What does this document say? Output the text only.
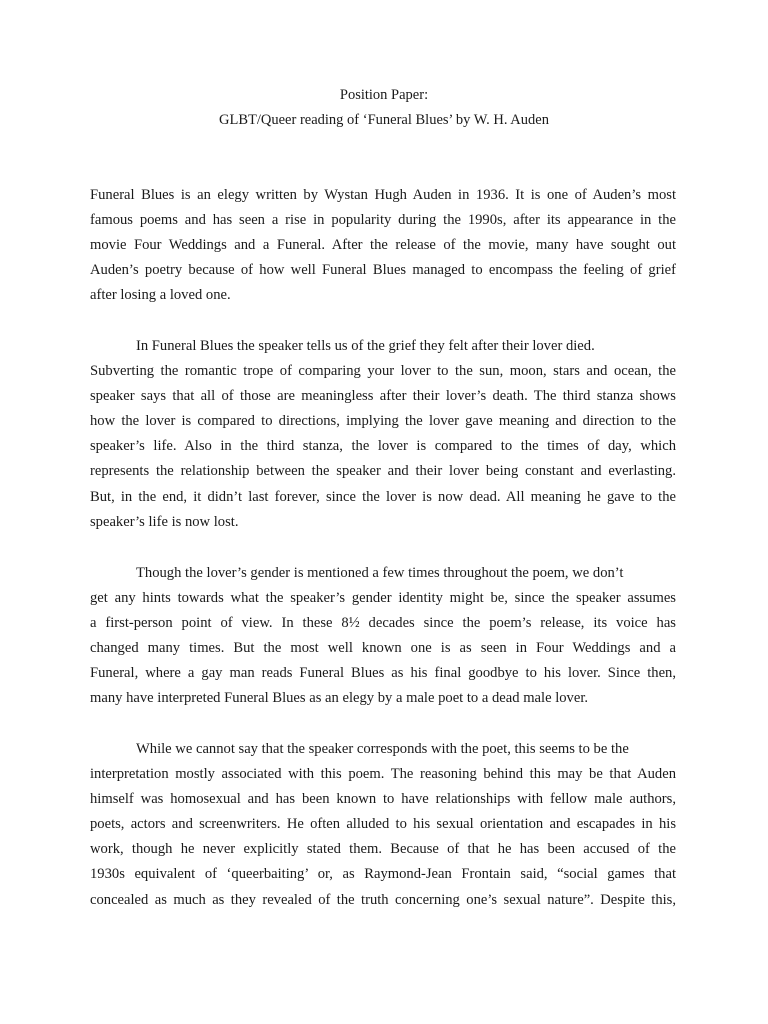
Position Paper:
GLBT/Queer reading of ‘Funeral Blues’ by W. H. Auden
Funeral Blues is an elegy written by Wystan Hugh Auden in 1936. It is one of Auden’s most
famous poems and has seen a rise in popularity during the 1990s, after its appearance in the
movie Four Weddings and a Funeral. After the release of the movie, many have sought out
Auden’s poetry because of how well Funeral Blues managed to encompass the feeling of grief
after losing a loved one.
In Funeral Blues the speaker tells us of the grief they felt after their lover died.
Subverting the romantic trope of comparing your lover to the sun, moon, stars and ocean, the
speaker says that all of those are meaningless after their lover’s death. The third stanza shows
how the lover is compared to directions, implying the lover gave meaning and direction to the
speaker’s life. Also in the third stanza, the lover is compared to the times of day, which
represents the relationship between the speaker and their lover being constant and everlasting.
But, in the end, it didn’t last forever, since the lover is now dead. All meaning he gave to the
speaker’s life is now lost.
Though the lover’s gender is mentioned a few times throughout the poem, we don’t
get any hints towards what the speaker’s gender identity might be, since the speaker assumes
a first-person point of view. In these 8½ decades since the poem’s release, its voice has
changed many times. But the most well known one is as seen in Four Weddings and a
Funeral, where a gay man reads Funeral Blues as his final goodbye to his lover. Since then,
many have interpreted Funeral Blues as an elegy by a male poet to a dead male lover.
While we cannot say that the speaker corresponds with the poet, this seems to be the
interpretation mostly associated with this poem. The reasoning behind this may be that Auden
himself was homosexual and has been known to have relationships with fellow male authors,
poets, actors and screenwriters. He often alluded to his sexual orientation and escapades in his
work, though he never explicitly stated them. Because of that he has been accused of the
1930s equivalent of ‘queerbaiting’ or, as Raymond-Jean Frontain said, “social games that
concealed as much as they revealed of the truth concerning one’s sexual nature”. Despite this,
